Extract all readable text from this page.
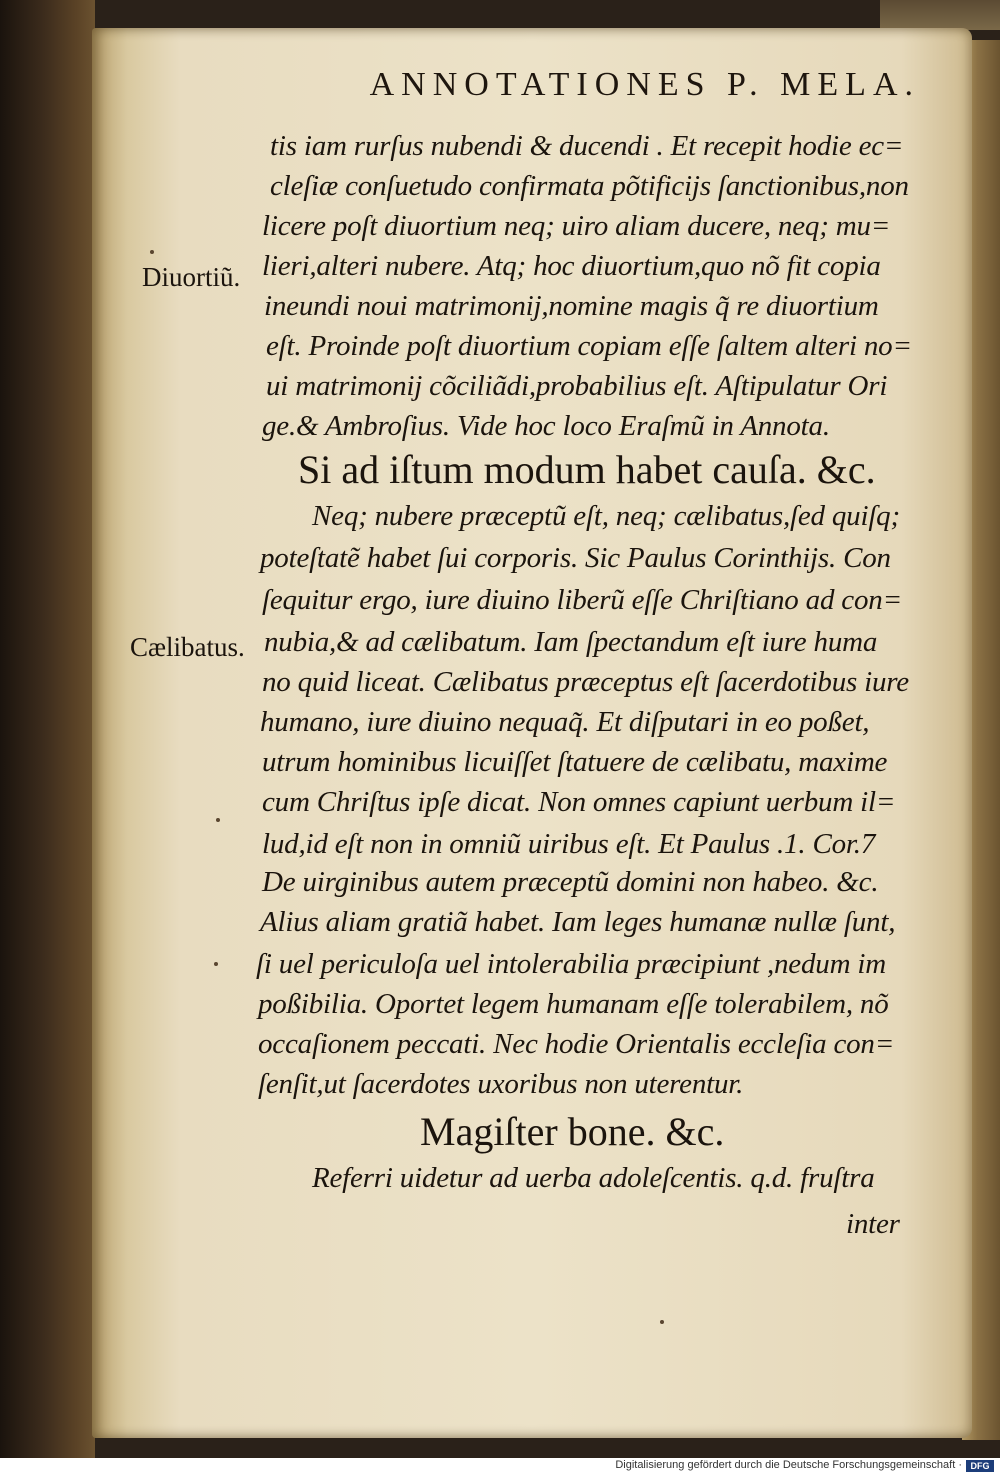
ANNOTATIONES P. MELA.
Diuortiũ.
Cælibatus.
tis iam rurſus nubendi & ducendi . Et recepit hodie ec=
cleſiæ conſuetudo confirmata põtificijs ſanctionibus,non
licere poſt diuortium neq; uiro aliam ducere, neq; mu=
lieri,alteri nubere. Atq; hoc diuortium,quo nõ fit copia
ineundi noui matrimonij,nomine magis q̃ re diuortium
eſt. Proinde poſt diuortium copiam eſſe ſaltem alteri no=
ui matrimonij cõciliãdi,probabilius eſt. Aſtipulatur Ori
ge.& Ambroſius. Vide hoc loco Eraſmũ in Annota.
Si ad iſtum modum habet cauſa. &c.
Neq; nubere præceptũ eſt, neq; cælibatus,ſed quiſq;
poteſtatẽ habet ſui corporis. Sic Paulus Corinthijs. Con
ſequitur ergo, iure diuino liberũ eſſe Chriſtiano ad con=
nubia,& ad cælibatum. Iam ſpectandum eſt iure huma
no quid liceat. Cælibatus præceptus eſt ſacerdotibus iure
humano, iure diuino nequaq̃. Et diſputari in eo poßet,
utrum hominibus licuiſſet ſtatuere de cælibatu, maxime
cum Chriſtus ipſe dicat. Non omnes capiunt uerbum il=
lud,id eſt non in omniũ uiribus eſt. Et Paulus .1. Cor.7
De uirginibus autem præceptũ domini non habeo. &c.
Alius aliam gratiã habet. Iam leges humanæ nullæ ſunt,
ſi uel periculoſa uel intolerabilia præcipiunt ,nedum im
poßibilia. Oportet legem humanam eſſe tolerabilem, nõ
occaſionem peccati. Nec hodie Orientalis eccleſia con=
ſenſit,ut ſacerdotes uxoribus non uterentur.
Magiſter bone. &c.
Referri uidetur ad uerba adoleſcentis. q.d. fruſtra
inter
Digitalisierung gefördert durch die Deutsche Forschungsgemeinschaft · DFG
